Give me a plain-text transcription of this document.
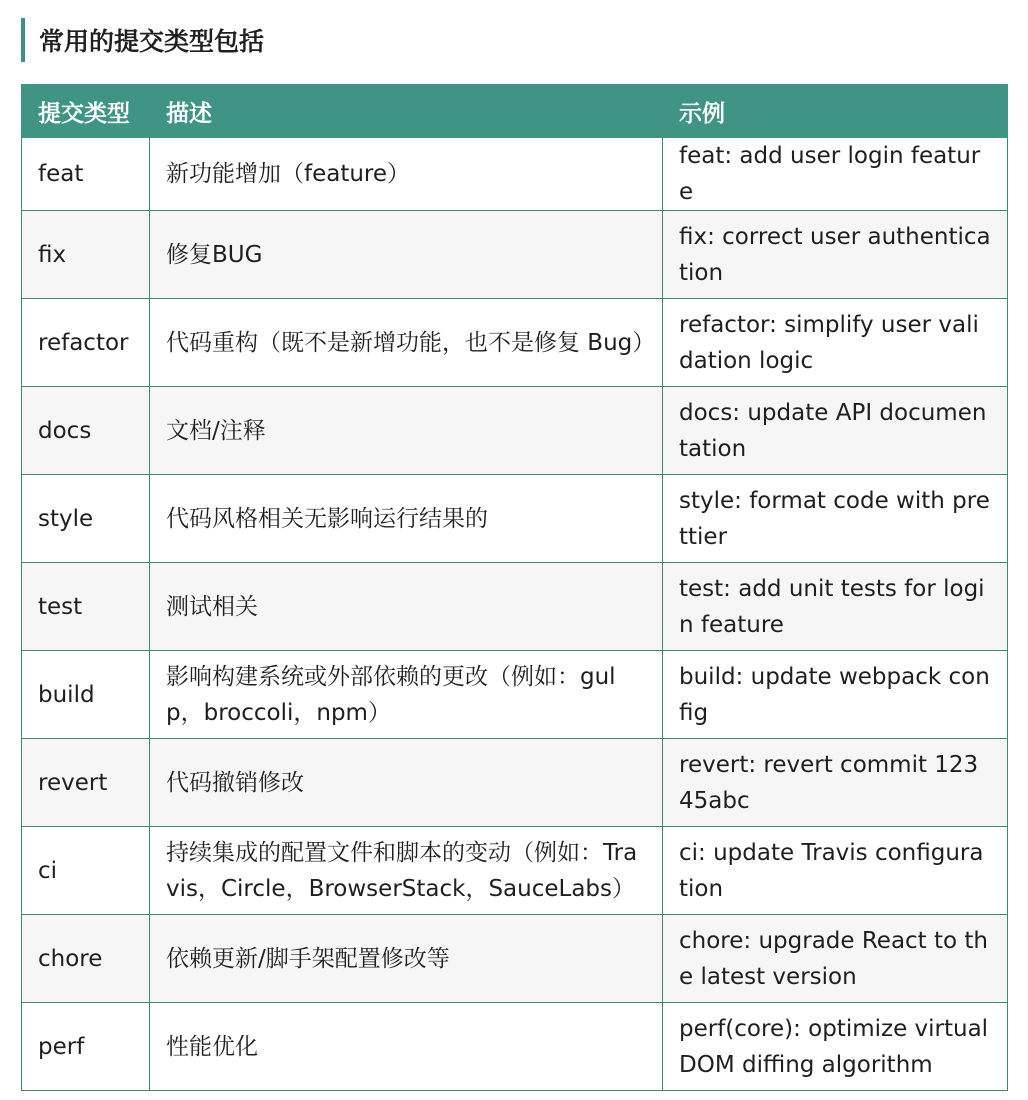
常用的提交类型包括
提交类型	描述	示例
feat	新功能增加（feature）	feat: add user login feature
fix	修复BUG	fix: correct user authentication
refactor	代码重构（既不是新增功能，也不是修复 Bug）	refactor: simplify user validation logic
docs	文档/注释	docs: update API documentation
style	代码风格相关无影响运行结果的	style: format code with prettier
test	测试相关	test: add unit tests for login feature
build	影响构建系统或外部依赖的更改（例如：gulp，broccoli，npm）	build: update webpack config
revert	代码撤销修改	revert: revert commit 12345abc
ci	持续集成的配置文件和脚本的变动（例如：Travis，Circle，BrowserStack，SauceLabs）	ci: update Travis configuration
chore	依赖更新/脚手架配置修改等	chore: upgrade React to the latest version
perf	性能优化	perf(core): optimize virtual DOM diffing algorithm
